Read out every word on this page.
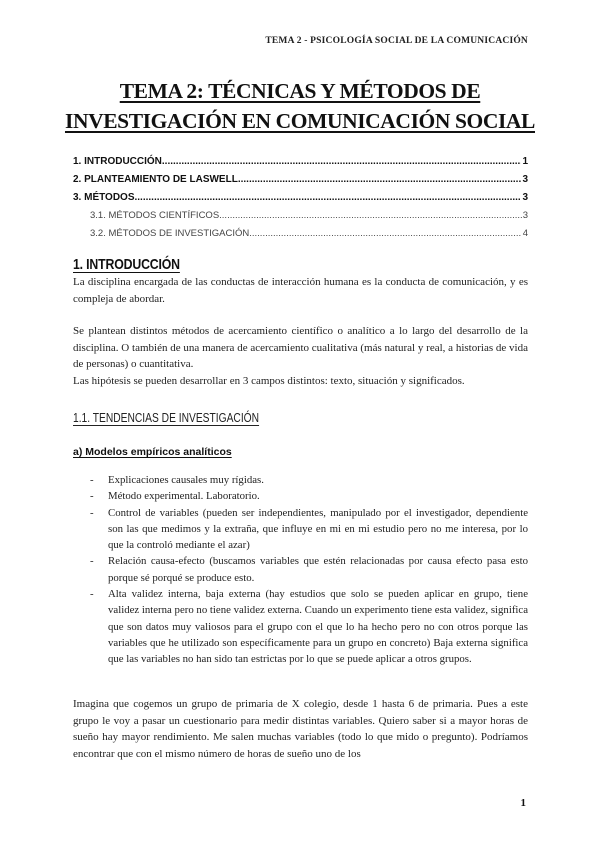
TEMA 2 - PSICOLOGÍA SOCIAL DE LA COMUNICACIÓN
TEMA 2: TÉCNICAS Y MÉTODOS DE
INVESTIGACIÓN EN COMUNICACIÓN SOCIAL
1. INTRODUCCIÓN .....	1
2. PLANTEAMIENTO DE LASWELL .....	3
3. MÉTODOS .....	3
3.1. MÉTODOS CIENTÍFICOS .....	3
3.2. MÉTODOS DE INVESTIGACIÓN .....	4
1. INTRODUCCIÓN

La disciplina encargada de las conductas de interacción humana es la conducta de comunicación, y es compleja de abordar.

Se plantean distintos métodos de acercamiento científico o analítico a lo largo del desarrollo de la disciplina. O también de una manera de acercamiento cualitativa (más natural y real, a historias de vida de personas) o cuantitativa.

Las hipótesis se pueden desarrollar en 3 campos distintos: texto, situación y significados.

1.1. TENDENCIAS DE INVESTIGACIÓN
a) Modelos empíricos analíticos
- Explicaciones causales muy rígidas.
- Método experimental. Laboratorio.
- Control de variables (pueden ser independientes, manipulado por el investigador, dependiente son las que medimos y la extraña, que influye en mi en mi estudio pero no me interesa, por lo que la controló mediante el azar)
- Relación causa-efecto (buscamos variables que estén relacionadas por causa efecto pasa esto porque sé porqué se produce esto.
- Alta validez interna, baja externa (hay estudios que solo se pueden aplicar en grupo, tiene validez interna pero no tiene validez externa. Cuando un experimento tiene esta validez, significa que son datos muy valiosos para el grupo con el que lo ha hecho pero no con otros porque las variables que he utilizado son específicamente para un grupo en concreto) Baja externa significa que las variables no han sido tan estrictas por lo que se puede aplicar a otros grupos.

Imagina que cogemos un grupo de primaria de X colegio, desde 1 hasta 6 de primaria. Pues a este grupo le voy a pasar un cuestionario para medir distintas variables. Quiero saber si a mayor horas de sueño hay mayor rendimiento. Me salen muchas variables (todo lo que mido o pregunto). Podríamos encontrar que con el mismo número de horas de sueño uno de los

1
